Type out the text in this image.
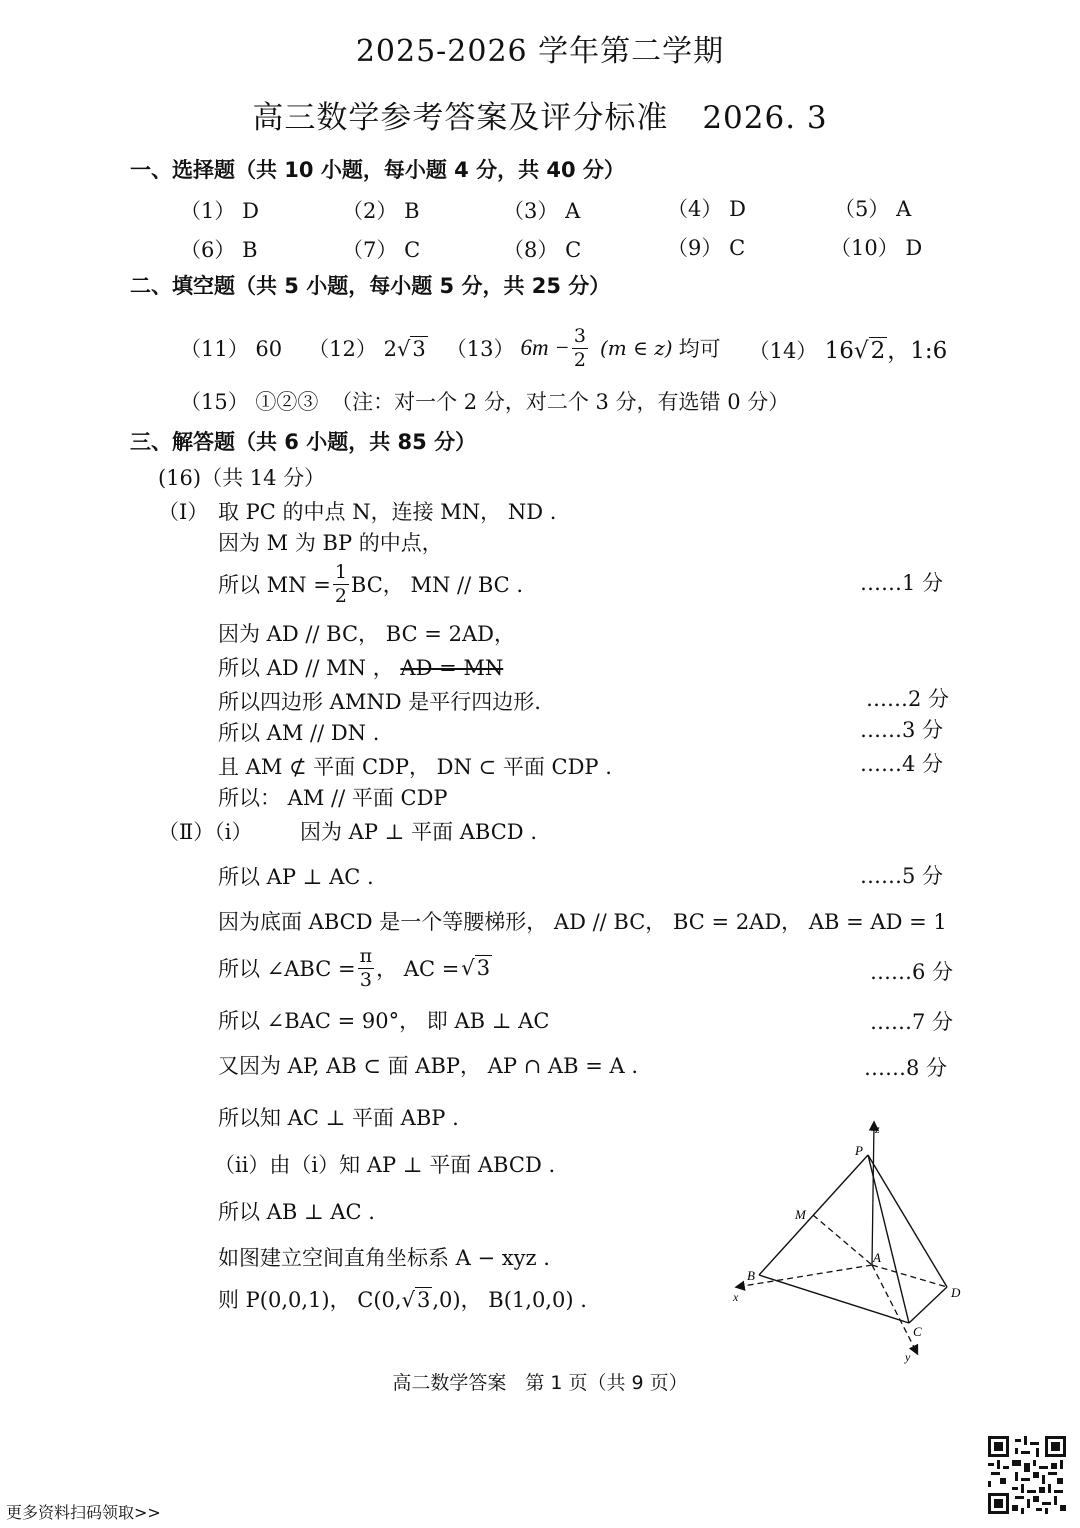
2025-2026 学年第二学期
高三数学参考答案及评分标准 2026. 3
一、选择题（共 10 小题，每小题 4 分，共 40 分）
（1） D	（2） B	（3） A	（4） D	（5） A
（6） B	（7） C	（8） C	（9） C	（10） D
二、填空题（共 5 小题，每小题 5 分，共 25 分）
（11） 60 （12） 2√3 （13） $6m - \frac{3}{2} (m$ ∈ z) 均可 （14） 16√2，1:6
（15） ①②③ （注：对一个 2 分，对二个 3 分，有选错 0 分）
三、解答题（共 6 小题，共 85 分）
(16)（共 14 分）
（Ⅰ） 取 PC 的中点 N，连接 MN， ND .
因为 M 为 BP 的中点，
所以 MN = $\frac{1}{2}$ BC， MN // BC .	……1 分
因为 AD // BC， BC = 2AD，
所以 AD // MN ， AD = MN
所以四边形 AMND 是平行四边形.	……2 分
所以 AM // DN .	……3 分
且 AM ⊄ 平面 CDP， DN ⊂ 平面 CDP .	……4 分
所以： AM // 平面 CDP
（Ⅱ）（ⅰ） 因为 AP ⊥ 平面 ABCD .
所以 AP ⊥ AC .	……5 分
因为底面 ABCD 是一个等腰梯形， AD // BC， BC = 2AD， AB = AD = 1
所以 ∠ABC = $\frac{\pi}{3}$ ， AC = √3	……6 分
所以 ∠BAC = 90°， 即 AB ⊥ AC	……7 分
又因为 AP, AB ⊂ 面 ABP， AP ∩ AB = A .	……8 分
所以知 AC ⊥ 平面 ABP .
（ⅱ）由（ⅰ）知 AP ⊥ 平面 ABCD .
所以 AB ⊥ AC .
如图建立空间直角坐标系 A − xyz .
则 P(0,0,1)， C(0,√3,0)， B(1,0,0) .
P
M
A
B
D
C
x
y
z
高二数学答案　第 1 页（共 9 页）
更多资料扫码领取>>
